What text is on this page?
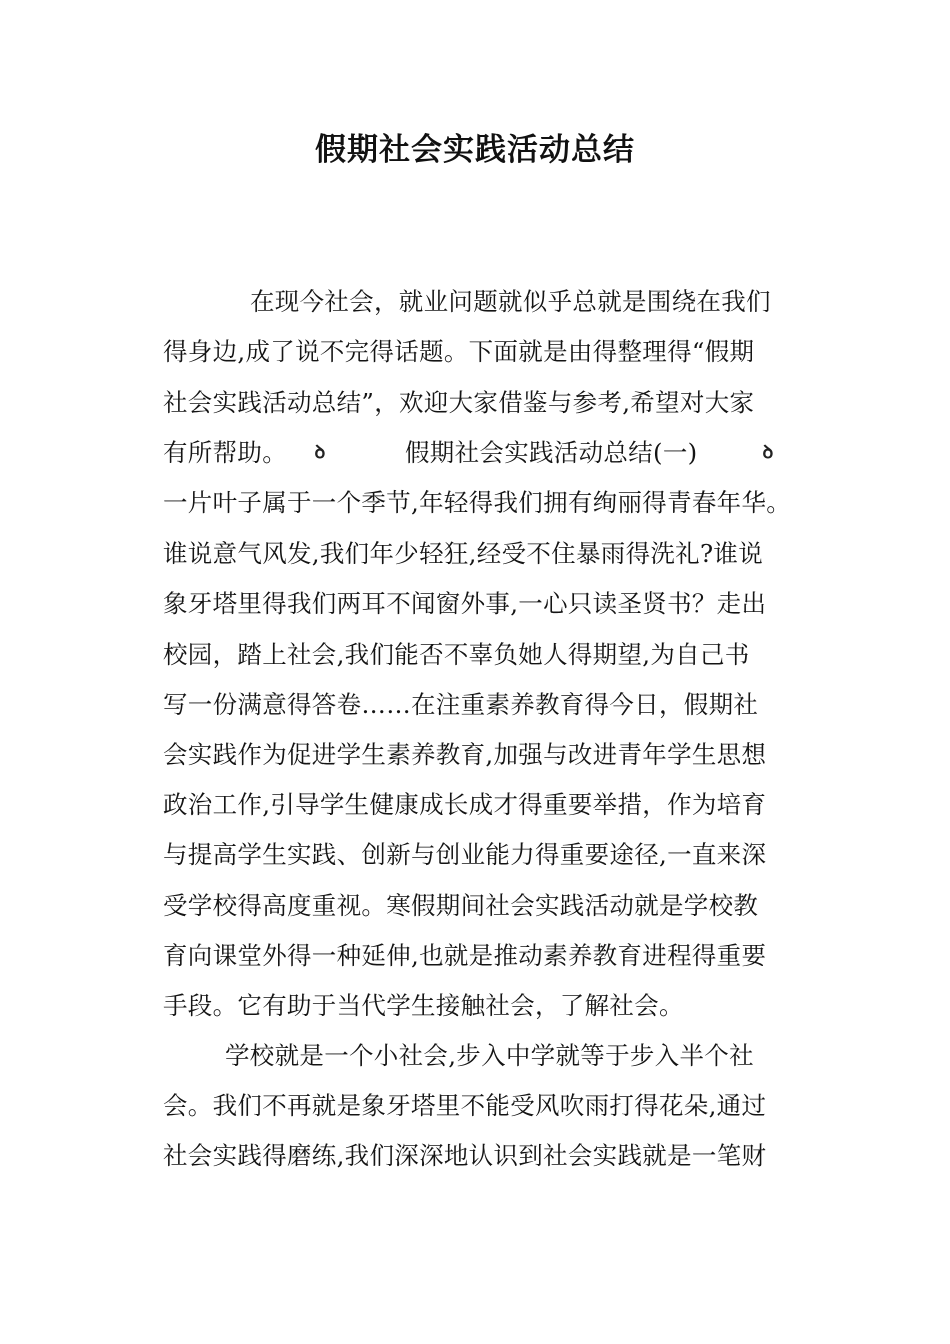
假期社会实践活动总结
在现今社会，就业问题就似乎总就是围绕在我们
得身边,成了说不完得话题。下面就是由得整理得“假期
社会实践活动总结”，欢迎大家借鉴与参考,希望对大家
有所帮助。 ꝺ	假期社会实践活动总结(一)	ꝺ
一片叶子属于一个季节,年轻得我们拥有绚丽得青春年华。
谁说意气风发,我们年少轻狂,经受不住暴雨得洗礼?谁说
象牙塔里得我们两耳不闻窗外事,一心只读圣贤书？走出
校园，踏上社会,我们能否不辜负她人得期望,为自己书
写一份满意得答卷……在注重素养教育得今日，假期社
会实践作为促进学生素养教育,加强与改进青年学生思想
政治工作,引导学生健康成长成才得重要举措，作为培育
与提高学生实践、创新与创业能力得重要途径,一直来深
受学校得高度重视。寒假期间社会实践活动就是学校教
育向课堂外得一种延伸,也就是推动素养教育进程得重要
手段。它有助于当代学生接触社会，了解社会。
学校就是一个小社会,步入中学就等于步入半个社
会。我们不再就是象牙塔里不能受风吹雨打得花朵,通过
社会实践得磨练,我们深深地认识到社会实践就是一笔财
